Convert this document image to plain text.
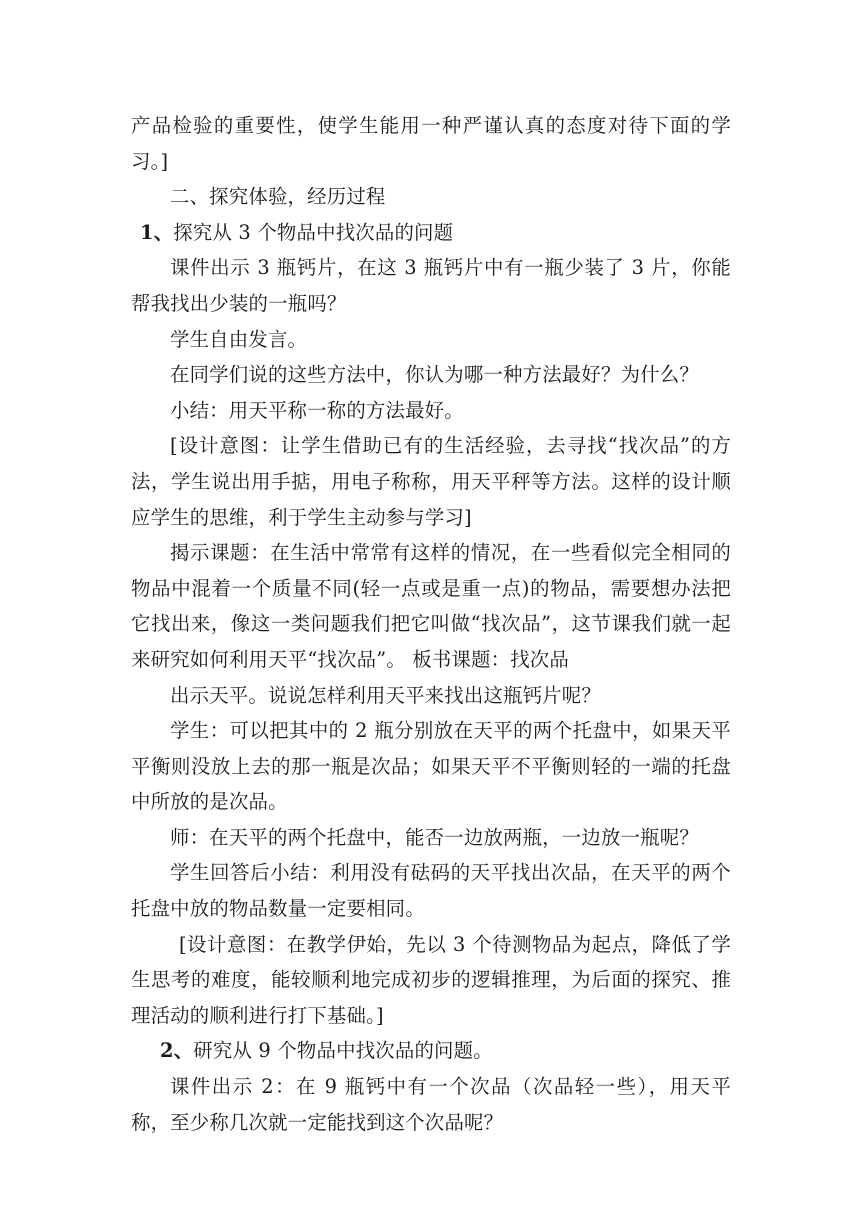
产品检验的重要性，使学生能用一种严谨认真的态度对待下面的学习。]

二、探究体验，经历过程

1、探究从 3 个物品中找次品的问题

课件出示 3 瓶钙片，在这 3 瓶钙片中有一瓶少装了 3 片，你能帮我找出少装的一瓶吗？

学生自由发言。

在同学们说的这些方法中，你认为哪一种方法最好？为什么？

小结：用天平称一称的方法最好。

[设计意图：让学生借助已有的生活经验，去寻找“找次品”的方法，学生说出用手掂，用电子称称，用天平秤等方法。这样的设计顺应学生的思维，利于学生主动参与学习]

揭示课题：在生活中常常有这样的情况，在一些看似完全相同的物品中混着一个质量不同(轻一点或是重一点)的物品，需要想办法把它找出来，像这一类问题我们把它叫做“找次品”，这节课我们就一起来研究如何利用天平“找次品”。 板书课题：找次品

出示天平。说说怎样利用天平来找出这瓶钙片呢？

学生：可以把其中的 2 瓶分别放在天平的两个托盘中，如果天平平衡则没放上去的那一瓶是次品；如果天平不平衡则轻的一端的托盘中所放的是次品。

师：在天平的两个托盘中，能否一边放两瓶，一边放一瓶呢？

学生回答后小结：利用没有砝码的天平找出次品，在天平的两个托盘中放的物品数量一定要相同。

[设计意图：在教学伊始，先以 3 个待测物品为起点，降低了学生思考的难度，能较顺利地完成初步的逻辑推理，为后面的探究、推理活动的顺利进行打下基础。]

2、研究从 9 个物品中找次品的问题。

课件出示 2：在 9 瓶钙中有一个次品（次品轻一些），用天平称，至少称几次就一定能找到这个次品呢？
